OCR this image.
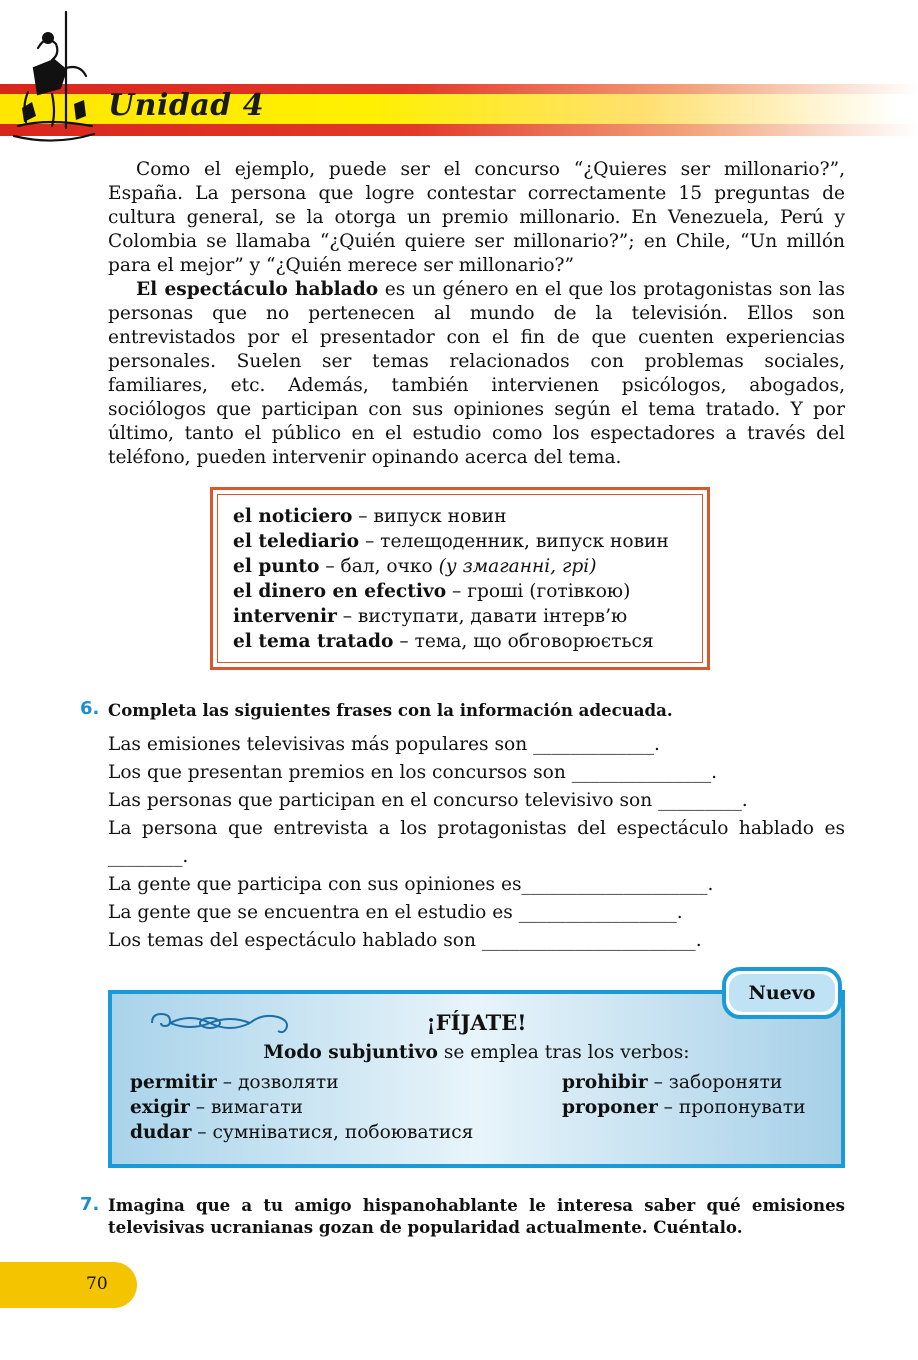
Unidad 4

Como el ejemplo, puede ser el concurso “¿Quieres ser millonario?”, España. La persona que logre contestar correctamente 15 preguntas de cultura general, se la otorga un premio millonario. En Venezuela, Perú y Colombia se llamaba “¿Quién quiere ser millonario?”; en Chile, “Un millón para el mejor” y “¿Quién merece ser millonario?”

El espectáculo hablado es un género en el que los protagonistas son las personas que no pertenecen al mundo de la televisión. Ellos son entrevistados por el presentador con el fin de que cuenten experiencias personales. Suelen ser temas relacionados con problemas sociales, familiares, etc. Además, también intervienen psicólogos, abogados, sociólogos que participan con sus opiniones según el tema tratado. Y por último, tanto el público en el estudio como los espectadores a través del teléfono, pueden intervenir opinando acerca del tema.

el noticiero – випуск новин
el telediario – телещоденник, випуск новин
el punto – бал, очко (у змаганні, грі)
el dinero en efectivo – гроші (готівкою)
intervenir – виступати, давати інтерв’ю
el tema tratado – тема, що обговорюється
6. Completa las siguientes frases con la información adecuada.
Las emisiones televisivas más populares son _____________.
Los que presentan premios en los concursos son _______________.
Las personas que participan en el concurso televisivo son _________.
La persona que entrevista a los protagonistas del espectáculo hablado es
________.
La gente que participa con sus opiniones es____________________.
La gente que se encuentra en el estudio es _________________.
Los temas del espectáculo hablado son _______________________.
Nuevo
¡FÍJATE!
Modo subjuntivo se emplea tras los verbos:
permitir – дозволяти	prohibir – забороняти
exigir – вимагати	proponer – пропонувати
dudar – сумніватися, побоюватися
7. Imagina que a tu amigo hispanohablante le interesa saber qué emisiones televisivas ucranianas gozan de popularidad actualmente. Cuéntalo.
70
